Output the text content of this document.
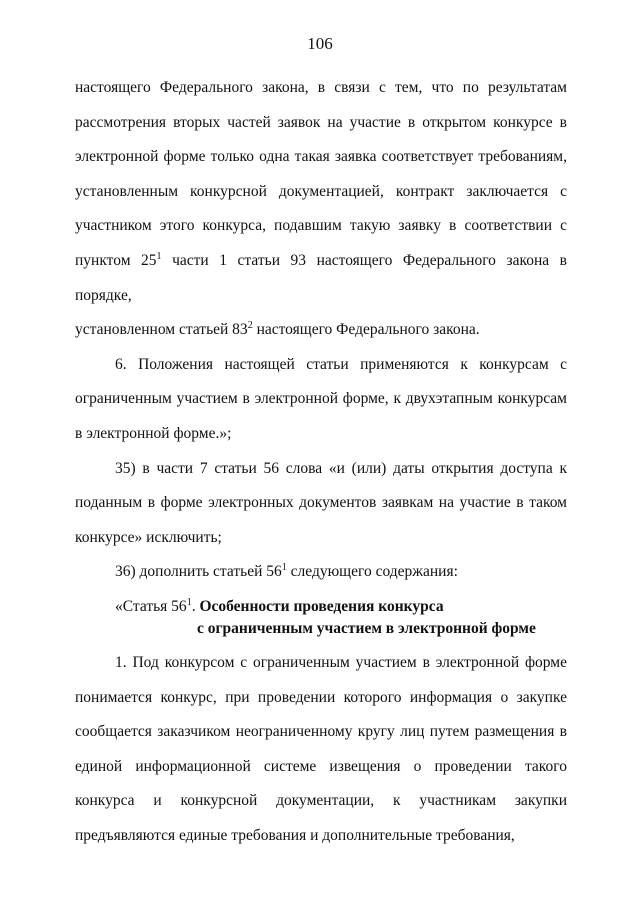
106

настоящего Федерального закона, в связи с тем, что по результатам

рассмотрения вторых частей заявок на участие в открытом конкурсе в

электронной форме только одна такая заявка соответствует требованиям,

установленным конкурсной документацией, контракт заключается с

участником этого конкурса, подавшим такую заявку в соответствии с

пунктом $25^1$ части 1 статьи 93 настоящего Федерального закона в порядке,

установленном статьей $83^2$ настоящего Федерального закона.

6. Положения настоящей статьи применяются к конкурсам с ограниченным участием в электронной форме, к двухэтапным конкурсам в электронной форме.»;

35) в части 7 статьи 56 слова «и (или) даты открытия доступа к поданным в форме электронных документов заявкам на участие в таком конкурсе» исключить;

36) дополнить статьей $56^1$ следующего содержания:

«Статья $56^1$. Особенности проведения конкурса
с ограниченным участием в электронной форме

1. Под конкурсом с ограниченным участием в электронной форме понимается конкурс, при проведении которого информация о закупке сообщается заказчиком неограниченному кругу лиц путем размещения в единой информационной системе извещения о проведении такого конкурса и конкурсной документации, к участникам закупки предъявляются единые требования и дополнительные требования,
